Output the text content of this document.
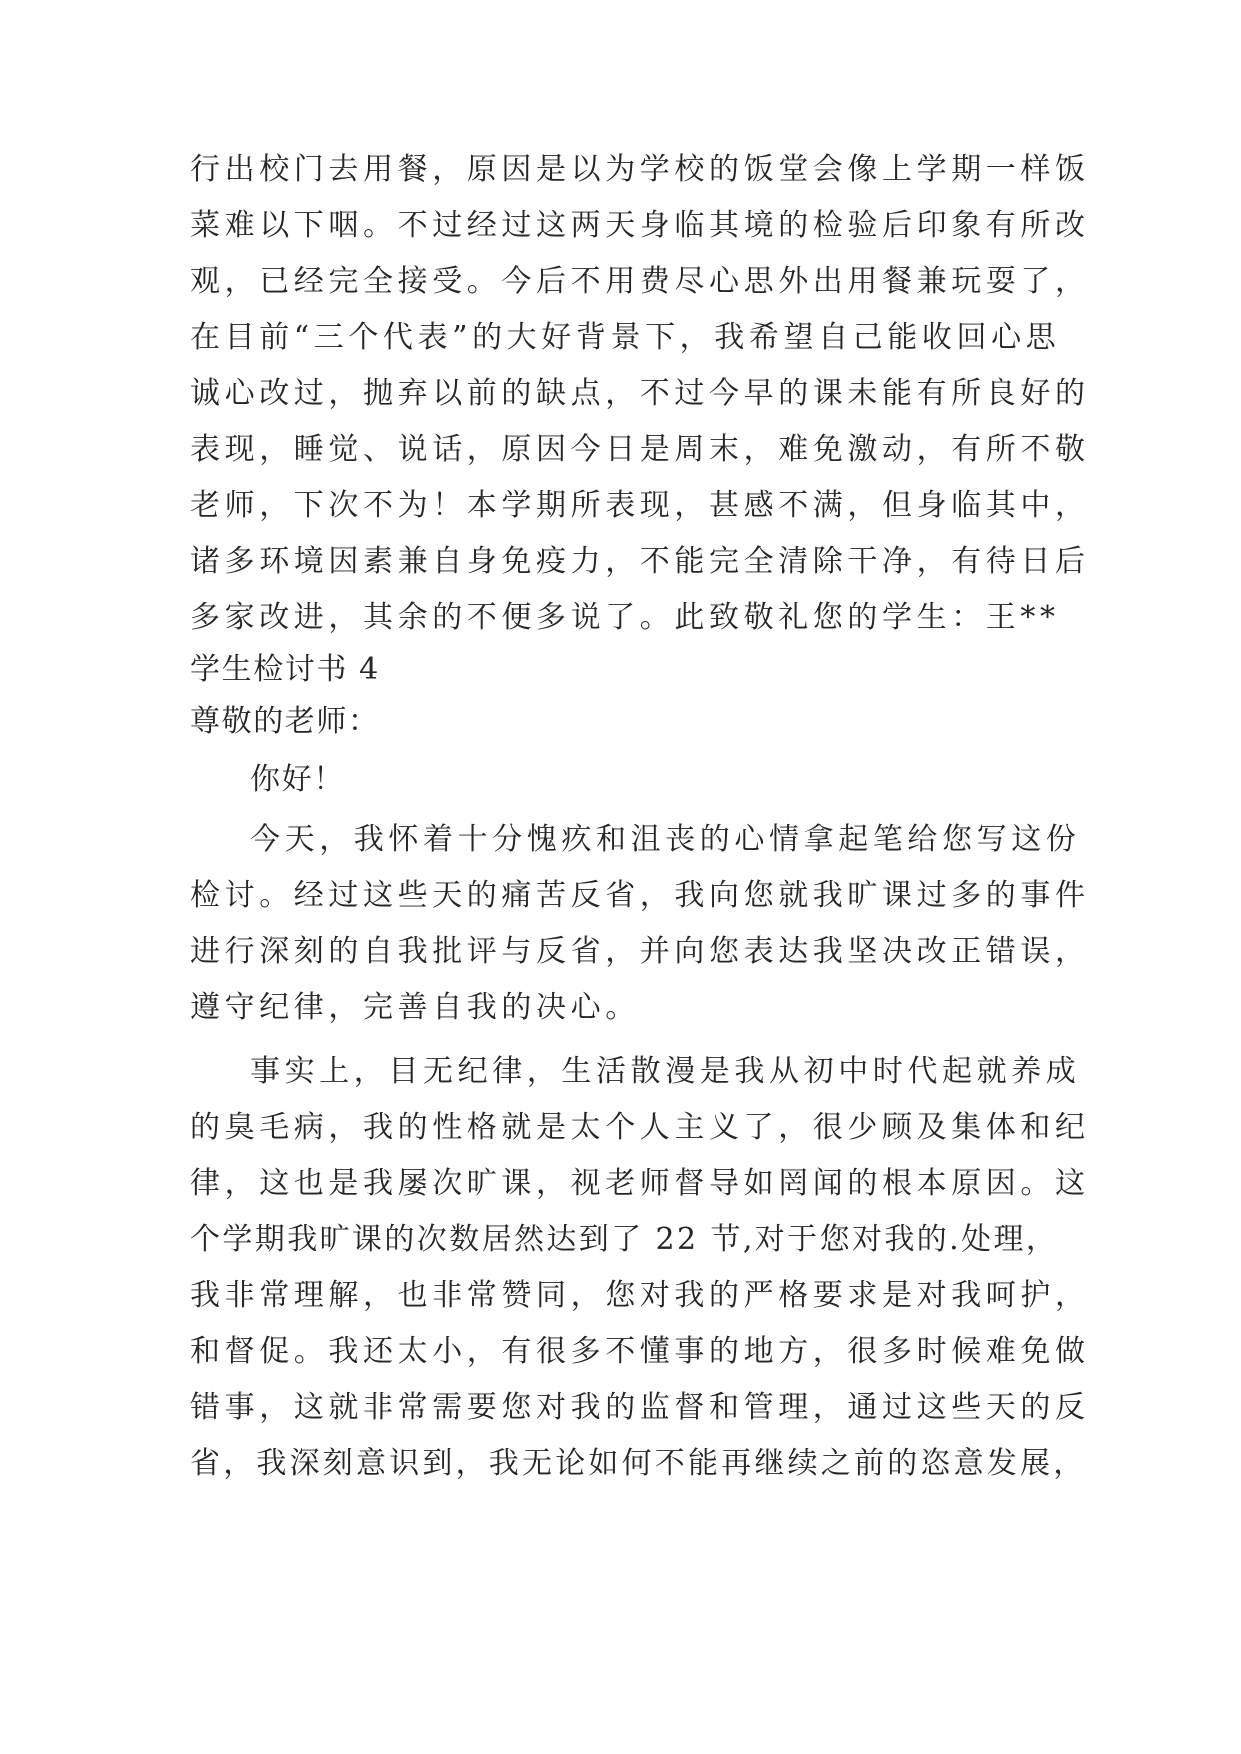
行出校门去用餐，原因是以为学校的饭堂会像上学期一样饭
菜难以下咽。不过经过这两天身临其境的检验后印象有所改
观，已经完全接受。今后不用费尽心思外出用餐兼玩耍了，
在目前“三个代表”的大好背景下，我希望自己能收回心思
诚心改过，抛弃以前的缺点，不过今早的课未能有所良好的
表现，睡觉、说话，原因今日是周末，难免激动，有所不敬
老师，下次不为！本学期所表现，甚感不满，但身临其中，
诸多环境因素兼自身免疫力，不能完全清除干净，有待日后
多家改进，其余的不便多说了。此致敬礼您的学生：王**
学生检讨书 4
尊敬的老师：
你好！
今天，我怀着十分愧疚和沮丧的心情拿起笔给您写这份
检讨。经过这些天的痛苦反省，我向您就我旷课过多的事件
进行深刻的自我批评与反省，并向您表达我坚决改正错误，
遵守纪律，完善自我的决心。
事实上，目无纪律，生活散漫是我从初中时代起就养成
的臭毛病，我的性格就是太个人主义了，很少顾及集体和纪
律，这也是我屡次旷课，视老师督导如罔闻的根本原因。这
个学期我旷课的次数居然达到了 22 节,对于您对我的.处理，
我非常理解，也非常赞同，您对我的严格要求是对我呵护，
和督促。我还太小，有很多不懂事的地方，很多时候难免做
错事，这就非常需要您对我的监督和管理，通过这些天的反
省，我深刻意识到，我无论如何不能再继续之前的恣意发展，
